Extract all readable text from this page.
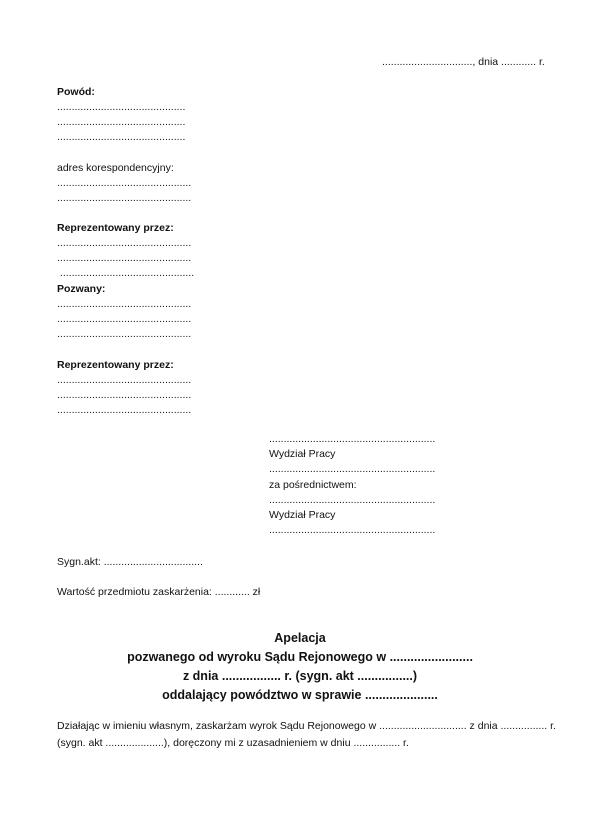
..............................., dnia ............ r.
Powód:
............................................
............................................
............................................
adres korespondencyjny:
..............................................
..............................................
Reprezentowany przez:
..............................................
..............................................
..............................................
Pozwany:
..............................................
..............................................
..............................................
Reprezentowany przez:
..............................................
..............................................
..............................................
.........................................................
Wydział Pracy
.........................................................
za pośrednictwem:
.........................................................
Wydział Pracy
.........................................................
Sygn.akt: ..................................
Wartość przedmiotu zaskarżenia: ............ zł
Apelacja
pozwanego od wyroku Sądu Rejonowego w ........................
z dnia ................. r. (sygn. akt ................)
oddalający powództwo w sprawie .....................
Działając w imieniu własnym, zaskarżam wyrok Sądu Rejonowego w .............................. z dnia ................ r.
(sygn. akt ....................), doręczony mi z uzasadnieniem w dniu ................ r.
